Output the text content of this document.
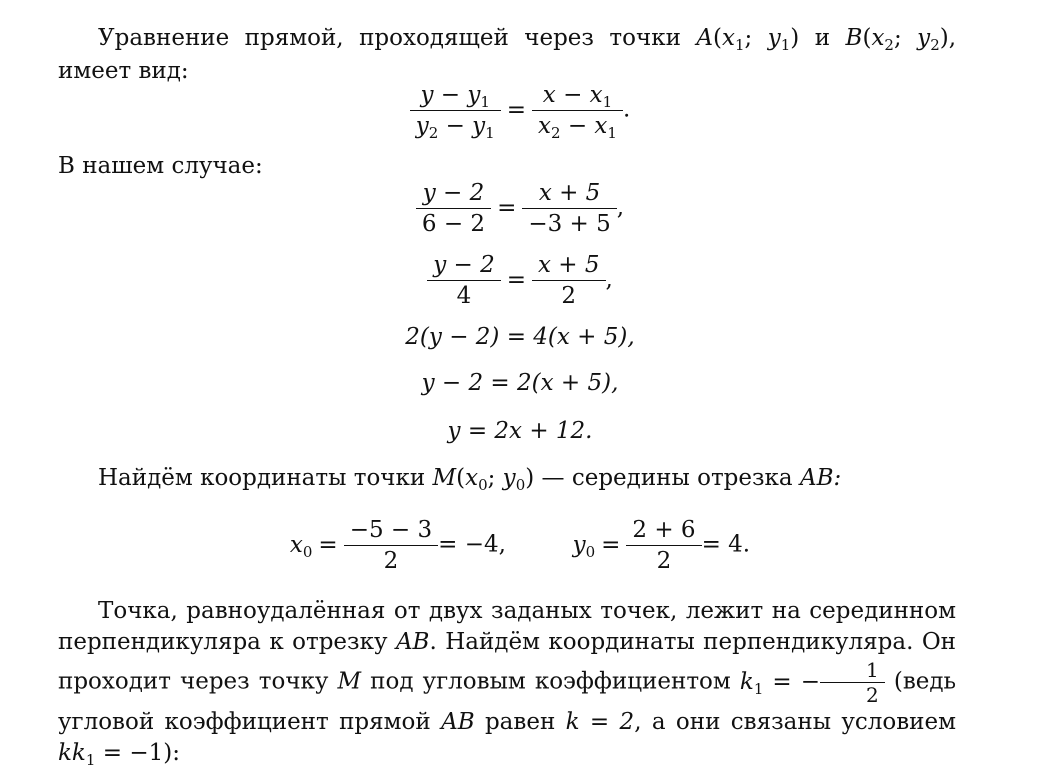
Уравнение прямой, проходящей через точки $A(x_1$; $y_1$) и $B(x_2$; $y_2$), имеет вид:
$\frac{y - y_1}{y_2 - y_1} = \frac{x - x_1}{x_2 - x_1}$ .
В нашем случае:
$\frac{y - 2}{6 - 2} = \frac{x + 5}{-3 + 5}$ ,
$\frac{y - 2}{4} = \frac{x + 5}{2}$ ,
2(y − 2) = 4(x + 5),
y − 2 = 2(x + 5),
y = 2x + 12.
Найдём координаты точки $M(x_0$; $y_0$) — середины отрезка AB:
$x_0 = \frac{-5 - 3}{2} = -4$,	$y_0 = \frac{2 + 6}{2} = 4$.
Точка, равноудалённая от двух заданых точек, лежит на серединном перпендикуляра к отрезку AB. Найдём координаты перпендикуляра. Он проходит через точку M под угловым коэффициентом $k_1$ = − $\frac{1}{2}$ (ведь угловой коэффициент прямой AB равен k = 2, а они связаны условием $kk_1 = -1$):
